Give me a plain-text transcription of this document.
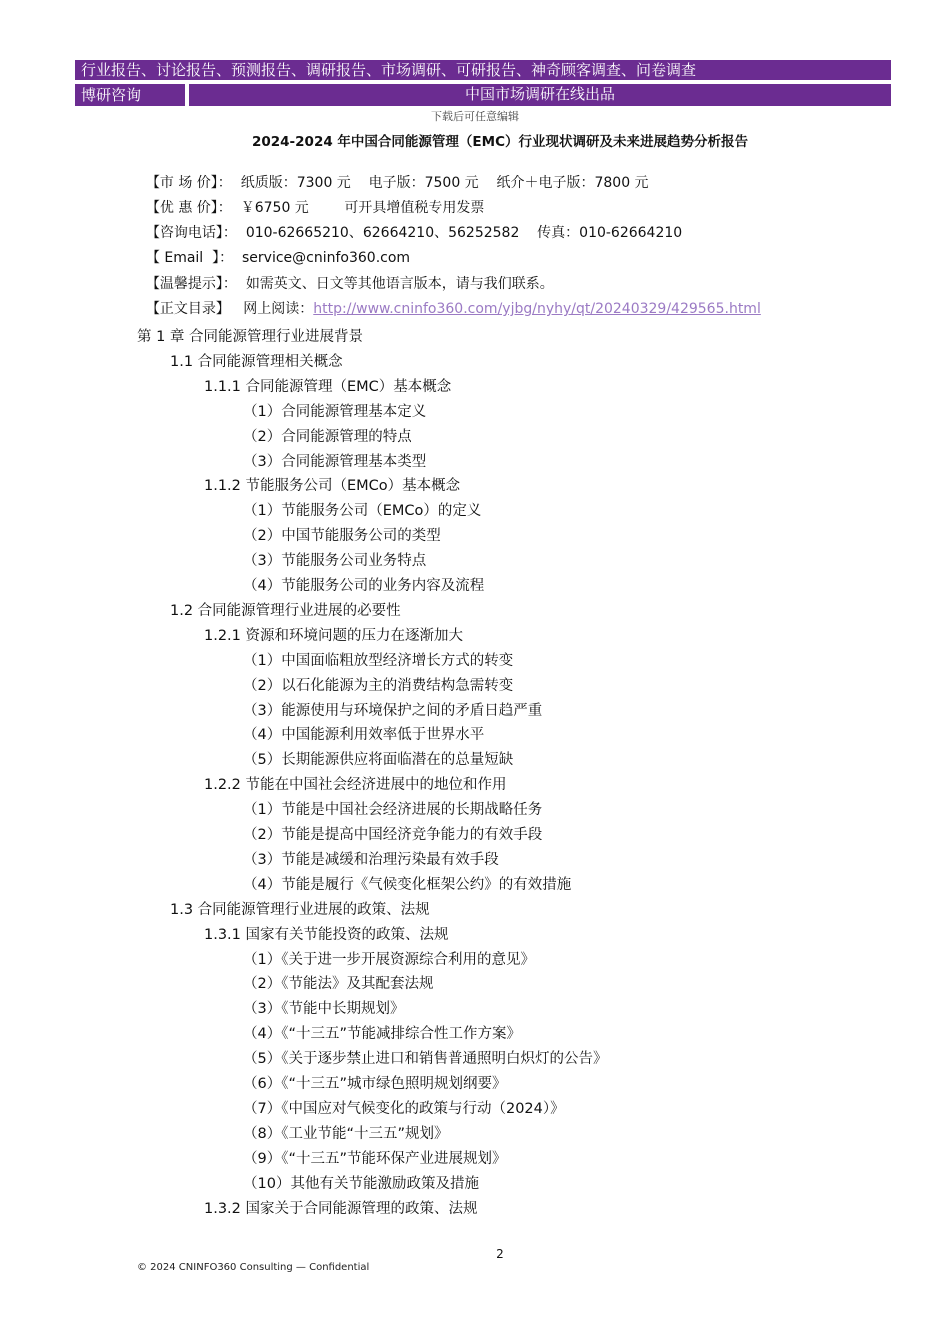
行业报告、讨论报告、预测报告、调研报告、市场调研、可研报告、神奇顾客调查、问卷调查
博研咨询	中国市场调研在线出品
下载后可任意编辑
2024-2024 年中国合同能源管理（EMC）行业现状调研及未来进展趋势分析报告

【市 场 价】： 纸质版：7300 元    电子版：7500 元    纸介＋电子版：7800 元

【优 惠 价】： ￥6750 元        可开具增值税专用发票

【咨询电话】： 010-62665210、62664210、56252582    传真：010-62664210

【 Email  】： service@cninfo360.com

【温馨提示】： 如需英文、日文等其他语言版本，请与我们联系。

【正文目录】 网上阅读：http://www.cninfo360.com/yjbg/nyhy/qt/20240329/429565.html

第 1 章 合同能源管理行业进展背景
1.1 合同能源管理相关概念
1.1.1 合同能源管理（EMC）基本概念
（1）合同能源管理基本定义
（2）合同能源管理的特点
（3）合同能源管理基本类型
1.1.2 节能服务公司（EMCo）基本概念
（1）节能服务公司（EMCo）的定义
（2）中国节能服务公司的类型
（3）节能服务公司业务特点
（4）节能服务公司的业务内容及流程
1.2 合同能源管理行业进展的必要性
1.2.1 资源和环境问题的压力在逐渐加大
（1）中国面临粗放型经济增长方式的转变
（2）以石化能源为主的消费结构急需转变
（3）能源使用与环境保护之间的矛盾日趋严重
（4）中国能源利用效率低于世界水平
（5）长期能源供应将面临潜在的总量短缺
1.2.2 节能在中国社会经济进展中的地位和作用
（1）节能是中国社会经济进展的长期战略任务
（2）节能是提高中国经济竞争能力的有效手段
（3）节能是减缓和治理污染最有效手段
（4）节能是履行《气候变化框架公约》的有效措施
1.3 合同能源管理行业进展的政策、法规
1.3.1 国家有关节能投资的政策、法规
（1）《关于进一步开展资源综合利用的意见》
（2）《节能法》及其配套法规
（3）《节能中长期规划》
（4）《“十三五”节能减排综合性工作方案》
（5）《关于逐步禁止进口和销售普通照明白炽灯的公告》
（6）《“十三五”城市绿色照明规划纲要》
（7）《中国应对气候变化的政策与行动（2024）》
（8）《工业节能“十三五”规划》
（9）《“十三五”节能环保产业进展规划》
（10）其他有关节能激励政策及措施
1.3.2 国家关于合同能源管理的政策、法规
2
© 2024 CNINFO360 Consulting — Confidential
